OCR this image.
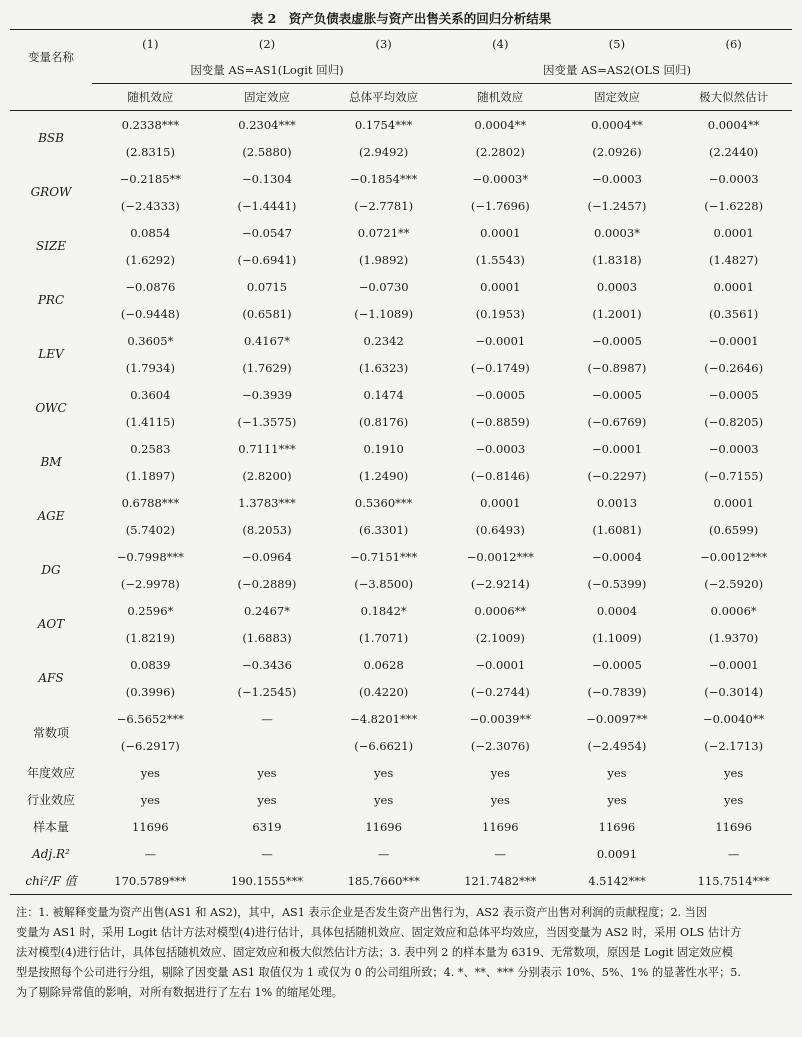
表 2　资产负债表虚胀与资产出售关系的回归分析结果
变量名称	(1)	(2)	(3)	(4)	(5)	(6)
	因变量 AS=AS1(Logit 回归)			因变量 AS=AS2(OLS 回归)		
	随机效应	固定效应	总体平均效应	随机效应	固定效应	极大似然估计
BSB	0.2338***	0.2304***	0.1754***	0.0004**	0.0004**	0.0004**
	(2.8315)	(2.5880)	(2.9492)	(2.2802)	(2.0926)	(2.2440)
GROW	−0.2185**	−0.1304	−0.1854***	−0.0003*	−0.0003	−0.0003
	(−2.4333)	(−1.4441)	(−2.7781)	(−1.7696)	(−1.2457)	(−1.6228)
SIZE	0.0854	−0.0547	0.0721**	0.0001	0.0003*	0.0001
	(1.6292)	(−0.6941)	(1.9892)	(1.5543)	(1.8318)	(1.4827)
PRC	−0.0876	0.0715	−0.0730	0.0001	0.0003	0.0001
	(−0.9448)	(0.6581)	(−1.1089)	(0.1953)	(1.2001)	(0.3561)
LEV	0.3605*	0.4167*	0.2342	−0.0001	−0.0005	−0.0001
	(1.7934)	(1.7629)	(1.6323)	(−0.1749)	(−0.8987)	(−0.2646)
OWC	0.3604	−0.3939	0.1474	−0.0005	−0.0005	−0.0005
	(1.4115)	(−1.3575)	(0.8176)	(−0.8859)	(−0.6769)	(−0.8205)
BM	0.2583	0.7111***	0.1910	−0.0003	−0.0001	−0.0003
	(1.1897)	(2.8200)	(1.2490)	(−0.8146)	(−0.2297)	(−0.7155)
AGE	0.6788***	1.3783***	0.5360***	0.0001	0.0013	0.0001
	(5.7402)	(8.2053)	(6.3301)	(0.6493)	(1.6081)	(0.6599)
DG	−0.7998***	−0.0964	−0.7151***	−0.0012***	−0.0004	−0.0012***
	(−2.9978)	(−0.2889)	(−3.8500)	(−2.9214)	(−0.5399)	(−2.5920)
AOT	0.2596*	0.2467*	0.1842*	0.0006**	0.0004	0.0006*
	(1.8219)	(1.6883)	(1.7071)	(2.1009)	(1.1009)	(1.9370)
AFS	0.0839	−0.3436	0.0628	−0.0001	−0.0005	−0.0001
	(0.3996)	(−1.2545)	(0.4220)	(−0.2744)	(−0.7839)	(−0.3014)
常数项	−6.5652***	—	−4.8201***	−0.0039**	−0.0097**	−0.0040**
	(−6.2917)		(−6.6621)	(−2.3076)	(−2.4954)	(−2.1713)
年度效应	yes	yes	yes	yes	yes	yes
行业效应	yes	yes	yes	yes	yes	yes
样本量	11696	6319	11696	11696	11696	11696
Adj.R²	—	—	—	—	0.0091	—
chi²/F 值	170.5789***	190.1555***	185.7660***	121.7482***	4.5142***	115.7514***
注：1. 被解释变量为资产出售(AS1 和 AS2)，其中，AS1 表示企业是否发生资产出售行为，AS2 表示资产出售对利润的贡献程度；2. 当因
变量为 AS1 时，采用 Logit 估计方法对模型(4)进行估计，具体包括随机效应、固定效应和总体平均效应，当因变量为 AS2 时，采用 OLS 估计方
法对模型(4)进行估计，具体包括随机效应、固定效应和极大似然估计方法；3. 表中列 2 的样本量为 6319、无常数项，原因是 Logit 固定效应模
型是按照每个公司进行分组，剔除了因变量 AS1 取值仅为 1 或仅为 0 的公司组所致；4. *、**、*** 分别表示 10%、5%、1% 的显著性水平；5.
为了剔除异常值的影响，对所有数据进行了左右 1% 的缩尾处理。
